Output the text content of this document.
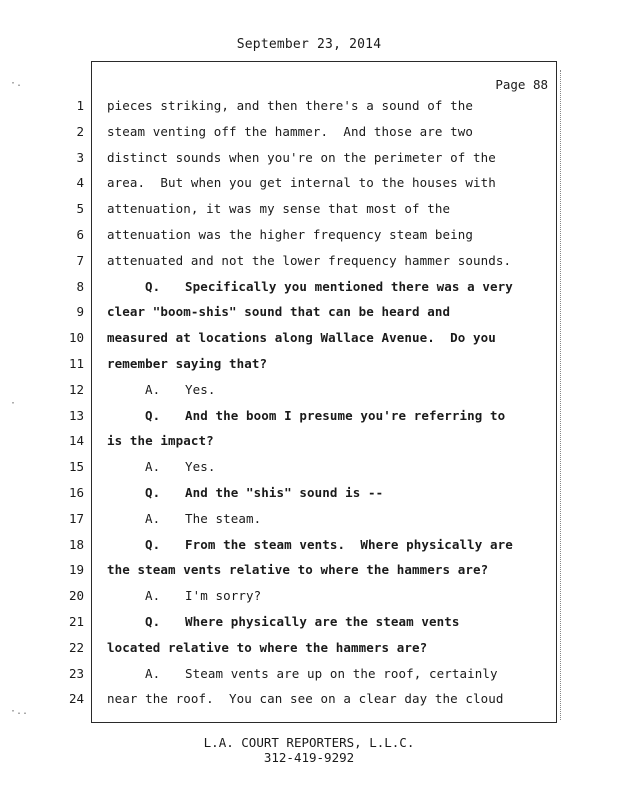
September 23, 2014
Page 88
1
2
3
4
5
6
7
8
9
10
11
12
13
14
15
16
17
18
19
20
21
22
23
24
pieces striking, and then there's a sound of the
steam venting off the hammer.  And those are two
distinct sounds when you're on the perimeter of the
area.  But when you get internal to the houses with
attenuation, it was my sense that most of the
attenuation was the higher frequency steam being
attenuated and not the lower frequency hammer sounds.
Q. Specifically you mentioned there was a very
clear "boom-shis" sound that can be heard and
measured at locations along Wallace Avenue.  Do you
remember saying that?
A. Yes.
Q. And the boom I presume you're referring to
is the impact?
A. Yes.
Q. And the "shis" sound is --
A. The steam.
Q. From the steam vents.  Where physically are
the steam vents relative to where the hammers are?
A. I'm sorry?
Q. Where physically are the steam vents
located relative to where the hammers are?
A. Steam vents are up on the roof, certainly
near the roof.  You can see on a clear day the cloud
L.A. COURT REPORTERS, L.L.C.
312-419-9292
·.
·
·..
